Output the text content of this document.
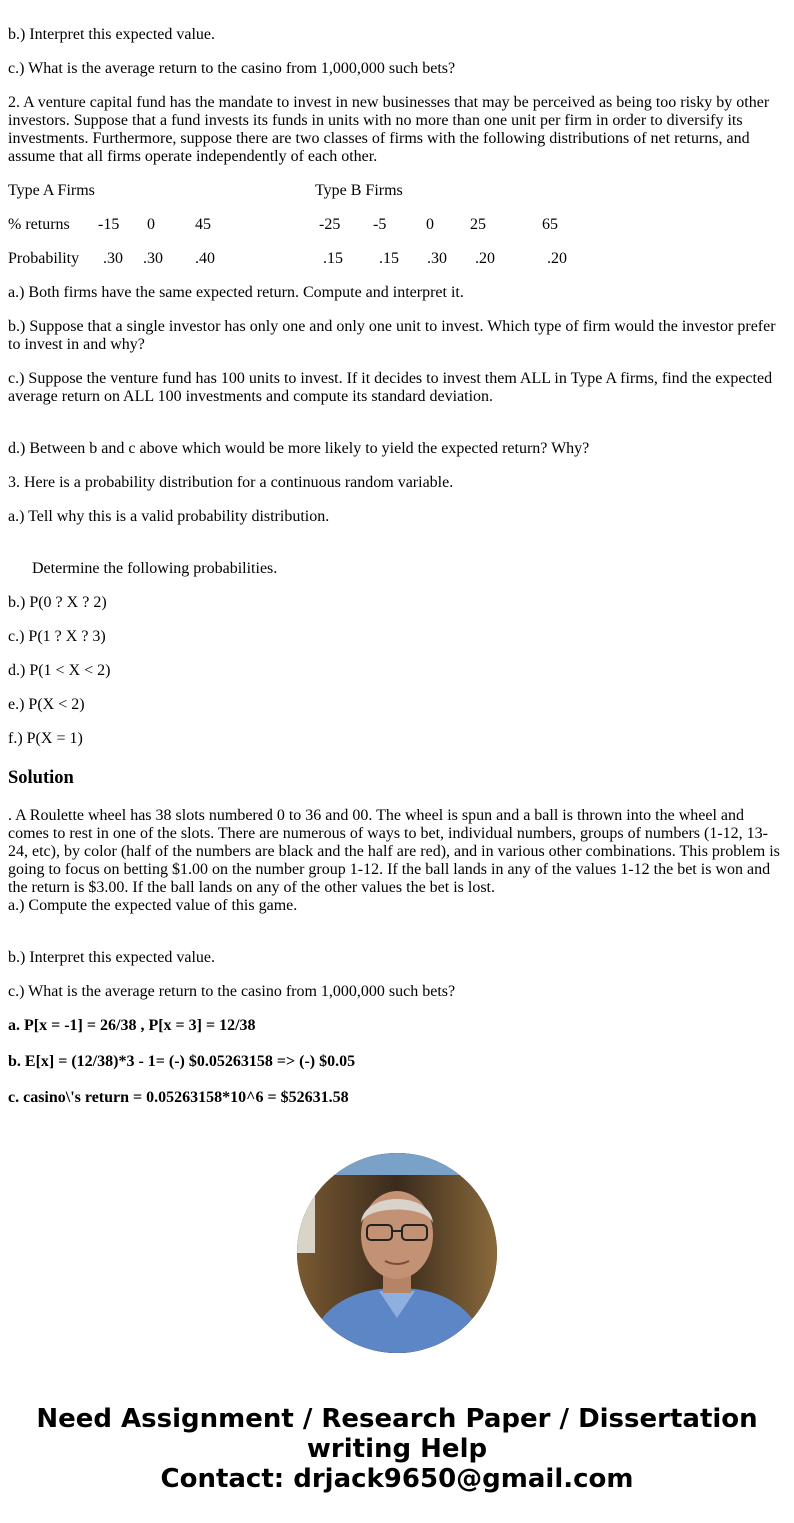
b.) Interpret this expected value.

c.) What is the average return to the casino from 1,000,000 such bets?

2. A venture capital fund has the mandate to invest in new businesses that may be perceived as being too risky by other investors. Suppose that a fund invests its funds in units with no more than one unit per firm in order to diversify its investments. Furthermore, suppose there are two classes of firms with the following distributions of net returns, and assume that all firms operate independently of each other.

Type A Firms	Type B Firms

% returns -15 0	45	-25 -5 0 25	65

Probability .30 .30 .40	.15 .15 .30 .20	.20

a.) Both firms have the same expected return. Compute and interpret it.

b.) Suppose that a single investor has only one and only one unit to invest. Which type of firm would the investor prefer to invest in and why?

c.) Suppose the venture fund has 100 units to invest. If it decides to invest them ALL in Type A firms, find the expected average return on ALL 100 investments and compute its standard deviation.

d.) Between b and c above which would be more likely to yield the expected return? Why?

3. Here is a probability distribution for a continuous random variable.

a.) Tell why this is a valid probability distribution.

Determine the following probabilities.

b.) P(0 ? X ? 2)

c.) P(1 ? X ? 3)

d.) P(1 < X < 2)

e.) P(X < 2)

f.) P(X = 1)

Solution

. A Roulette wheel has 38 slots numbered 0 to 36 and 00. The wheel is spun and a ball is thrown into the wheel and comes to rest in one of the slots. There are numerous of ways to bet, individual numbers, groups of numbers (1-12, 13-24, etc), by color (half of the numbers are black and the half are red), and in various other combinations. This problem is going to focus on betting $1.00 on the number group 1-12. If the ball lands in any of the values 1-12 the bet is won and the return is $3.00. If the ball lands on any of the other values the bet is lost.

a.) Compute the expected value of this game.

b.) Interpret this expected value.

c.) What is the average return to the casino from 1,000,000 such bets?

a. P[x = -1] = 26/38 , P[x = 3] = 12/38

b. E[x] = (12/38)*3 - 1= (-) $0.05263158 => (-) $0.05

c. casino\'s return = 0.05263158*10^6 = $52631.58

Need Assignment / Research Paper / Dissertation
writing Help
Contact: drjack9650@gmail.com
